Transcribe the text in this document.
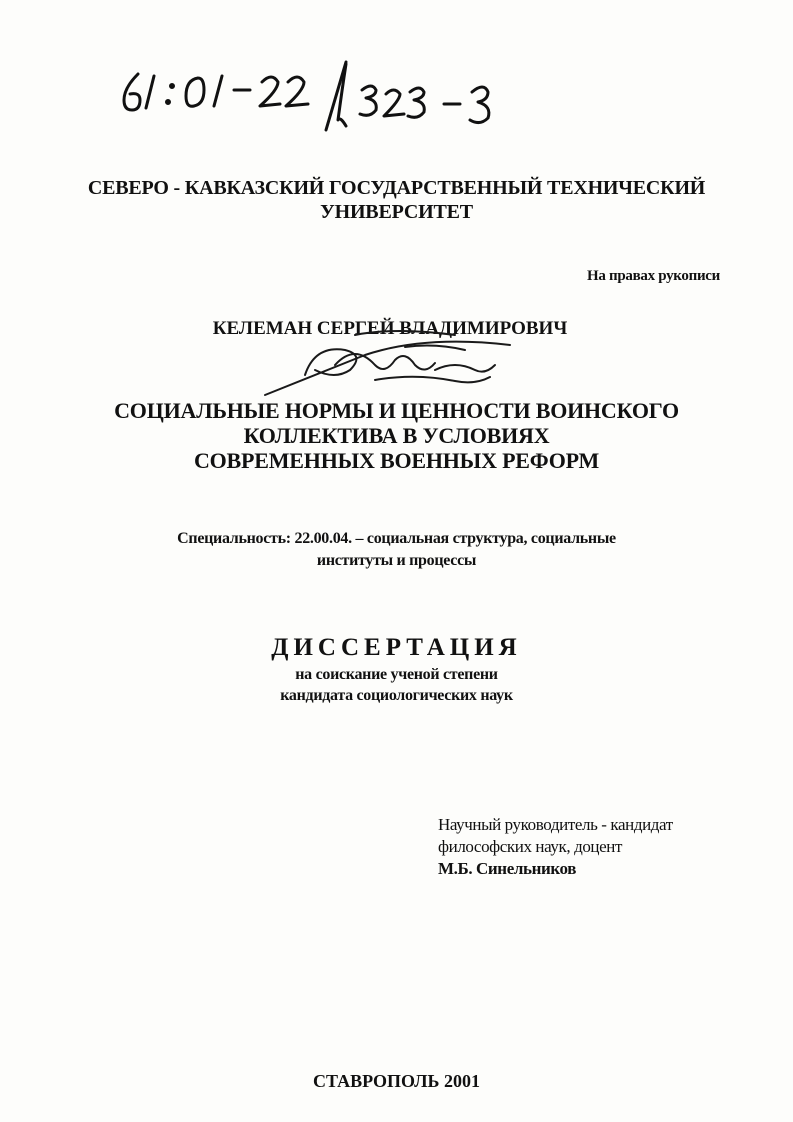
СЕВЕРО - КАВКАЗСКИЙ ГОСУДАРСТВЕННЫЙ ТЕХНИЧЕСКИЙ
УНИВЕРСИТЕТ
На правах рукописи
КЕЛЕМАН СЕРГЕЙ ВЛАДИМИРОВИЧ
СОЦИАЛЬНЫЕ НОРМЫ И ЦЕННОСТИ ВОИНСКОГО
КОЛЛЕКТИВА В УСЛОВИЯХ
СОВРЕМЕННЫХ ВОЕННЫХ РЕФОРМ
Специальность: 22.00.04. – социальная структура, социальные
институты и процессы
ДИССЕРТАЦИЯ
на соискание ученой степени
кандидата социологических наук
Научный руководитель - кандидат
философских наук, доцент
М.Б. Синельников
СТАВРОПОЛЬ 2001
